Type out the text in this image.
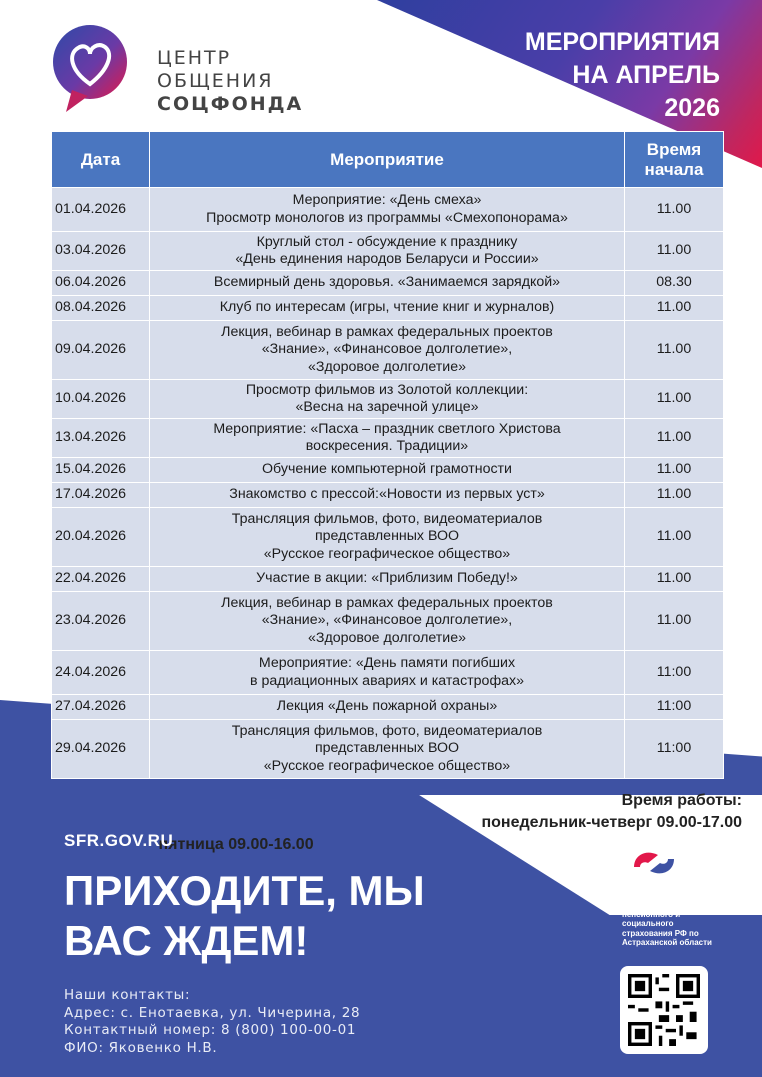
МЕРОПРИЯТИЯ
НА АПРЕЛЬ
2026
ЦЕНТР
ОБЩЕНИЯ
СОЦФОНДА
Дата	Мероприятие	Время
начала
01.04.2026	Мероприятие: «День смеха»
Просмотр монологов из программы «Смехопонорама»	11.00
03.04.2026	Круглый стол - обсуждение к празднику
«День единения народов Беларуси и России»	11.00
06.04.2026	Всемирный день здоровья. «Занимаемся зарядкой»	08.30
08.04.2026	Клуб по интересам (игры, чтение книг и журналов)	11.00
09.04.2026	Лекция, вебинар в рамках федеральных проектов
«Знание», «Финансовое долголетие»,
«Здоровое долголетие»	11.00
10.04.2026	Просмотр фильмов из Золотой коллекции:
«Весна на заречной улице»	11.00
13.04.2026	Мероприятие: «Пасха – праздник светлого Христова
воскресения. Традиции»	11.00
15.04.2026	Обучение компьютерной грамотности	11.00
17.04.2026	Знакомство с прессой:«Новости из первых уст»	11.00
20.04.2026	Трансляция фильмов, фото, видеоматериалов
представленных ВОО
«Русское географическое общество»	11.00
22.04.2026	Участие в акции: «Приблизим Победу!»	11.00
23.04.2026	Лекция, вебинар в рамках федеральных проектов
«Знание», «Финансовое долголетие»,
«Здоровое долголетие»	11.00
24.04.2026	Мероприятие: «День памяти погибших
в радиационных авариях и катастрофах»	11:00
27.04.2026	Лекция «День пожарной охраны»	11:00
29.04.2026	Трансляция фильмов, фото, видеоматериалов
представленных ВОО
«Русское географическое общество»	11:00
Время работы:
понедельник-четверг 09.00-17.00
пятница 09.00-16.00
SFR.GOV.RU
ПРИХОДИТЕ, МЫ
ВАС ЖДЕМ!
Наши контакты:
Адрес: с. Енотаевка, ул. Чичерина, 28
Контактный номер: 8 (800) 100-00-01
ФИО: Яковенко Н.В.
Отделение Фонда пенсионного и социального страхования РФ по Астраханской области
